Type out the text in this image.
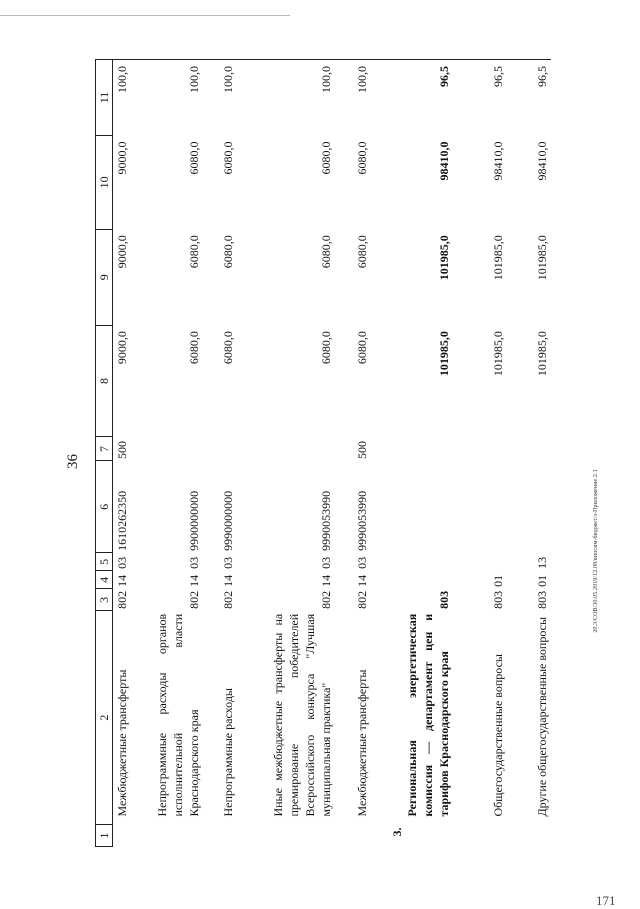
36
20.3/СОВ/30.05.2019/12.08/вносим-бюджет/з-Приложение 2.1
171
1	2	3	4	5	6	7	8	9	10	11
	Межбюджетные трансферты	802	14	03	1610262350	500	9000,0	9000,0	9000,0	100,0
	Непрограммные расходы органов исполнительной власти Краснодарского края	802	14	03	9900000000		6080,0	6080,0	6080,0	100,0
	Непрограммные расходы	802	14	03	9990000000		6080,0	6080,0	6080,0	100,0
	Иные межбюджетные трансферты на премирование победителей Всероссийского конкурса "Лучшая муниципальная практика"	802	14	03	9990053990		6080,0	6080,0	6080,0	100,0
	Межбюджетные трансферты	802	14	03	9990053990	500	6080,0	6080,0	6080,0	100,0
3.	Региональная энергетическая комиссия — департамент цен и тарифов Краснодарского края	803					101985,0	101985,0	98410,0	96,5
	Общегосударственные вопросы	803	01				101985,0	101985,0	98410,0	96,5
	Другие общегосударственные вопросы	803	01	13			101985,0	101985,0	98410,0	96,5
